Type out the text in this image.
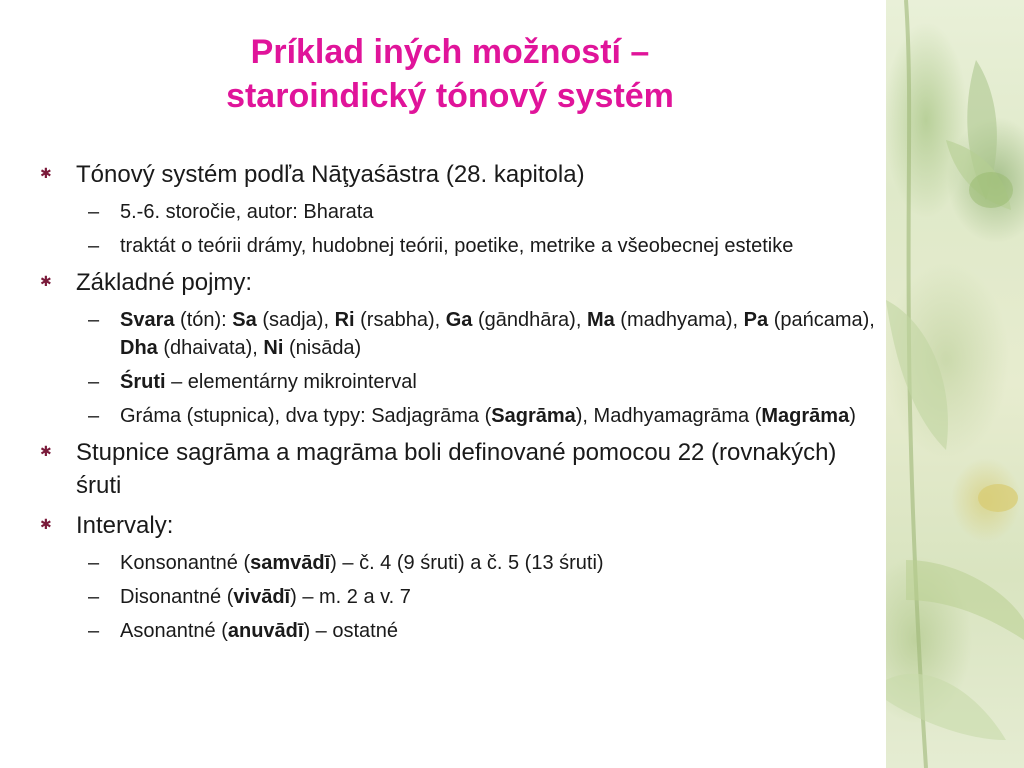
Príklad iných možností –
staroindický tónový systém
✱ Tónový systém podľa Nāţyaśāstra (28. kapitola)
– 5.-6. storočie, autor: Bharata
– traktát o teórii drámy, hudobnej teórii, poetike, metrike a všeobecnej estetike
✱ Základné pojmy:
– Svara (tón): Sa (sadja), Ri (rsabha), Ga (gāndhāra), Ma (madhyama), Pa (pańcama), Dha (dhaivata), Ni (nisāda)
– Śruti – elementárny mikrointerval
– Gráma (stupnica), dva typy: Sadjagrāma (Sagrāma), Madhyamagrāma (Magrāma)
✱ Stupnice sagrāma a magrāma boli definované pomocou 22 (rovnakých) śruti
✱ Intervaly:
– Konsonantné (samvādī) – č. 4 (9 śruti) a č. 5 (13 śruti)
– Disonantné (vivādī) – m. 2 a v. 7
– Asonantné (anuvādī) – ostatné
